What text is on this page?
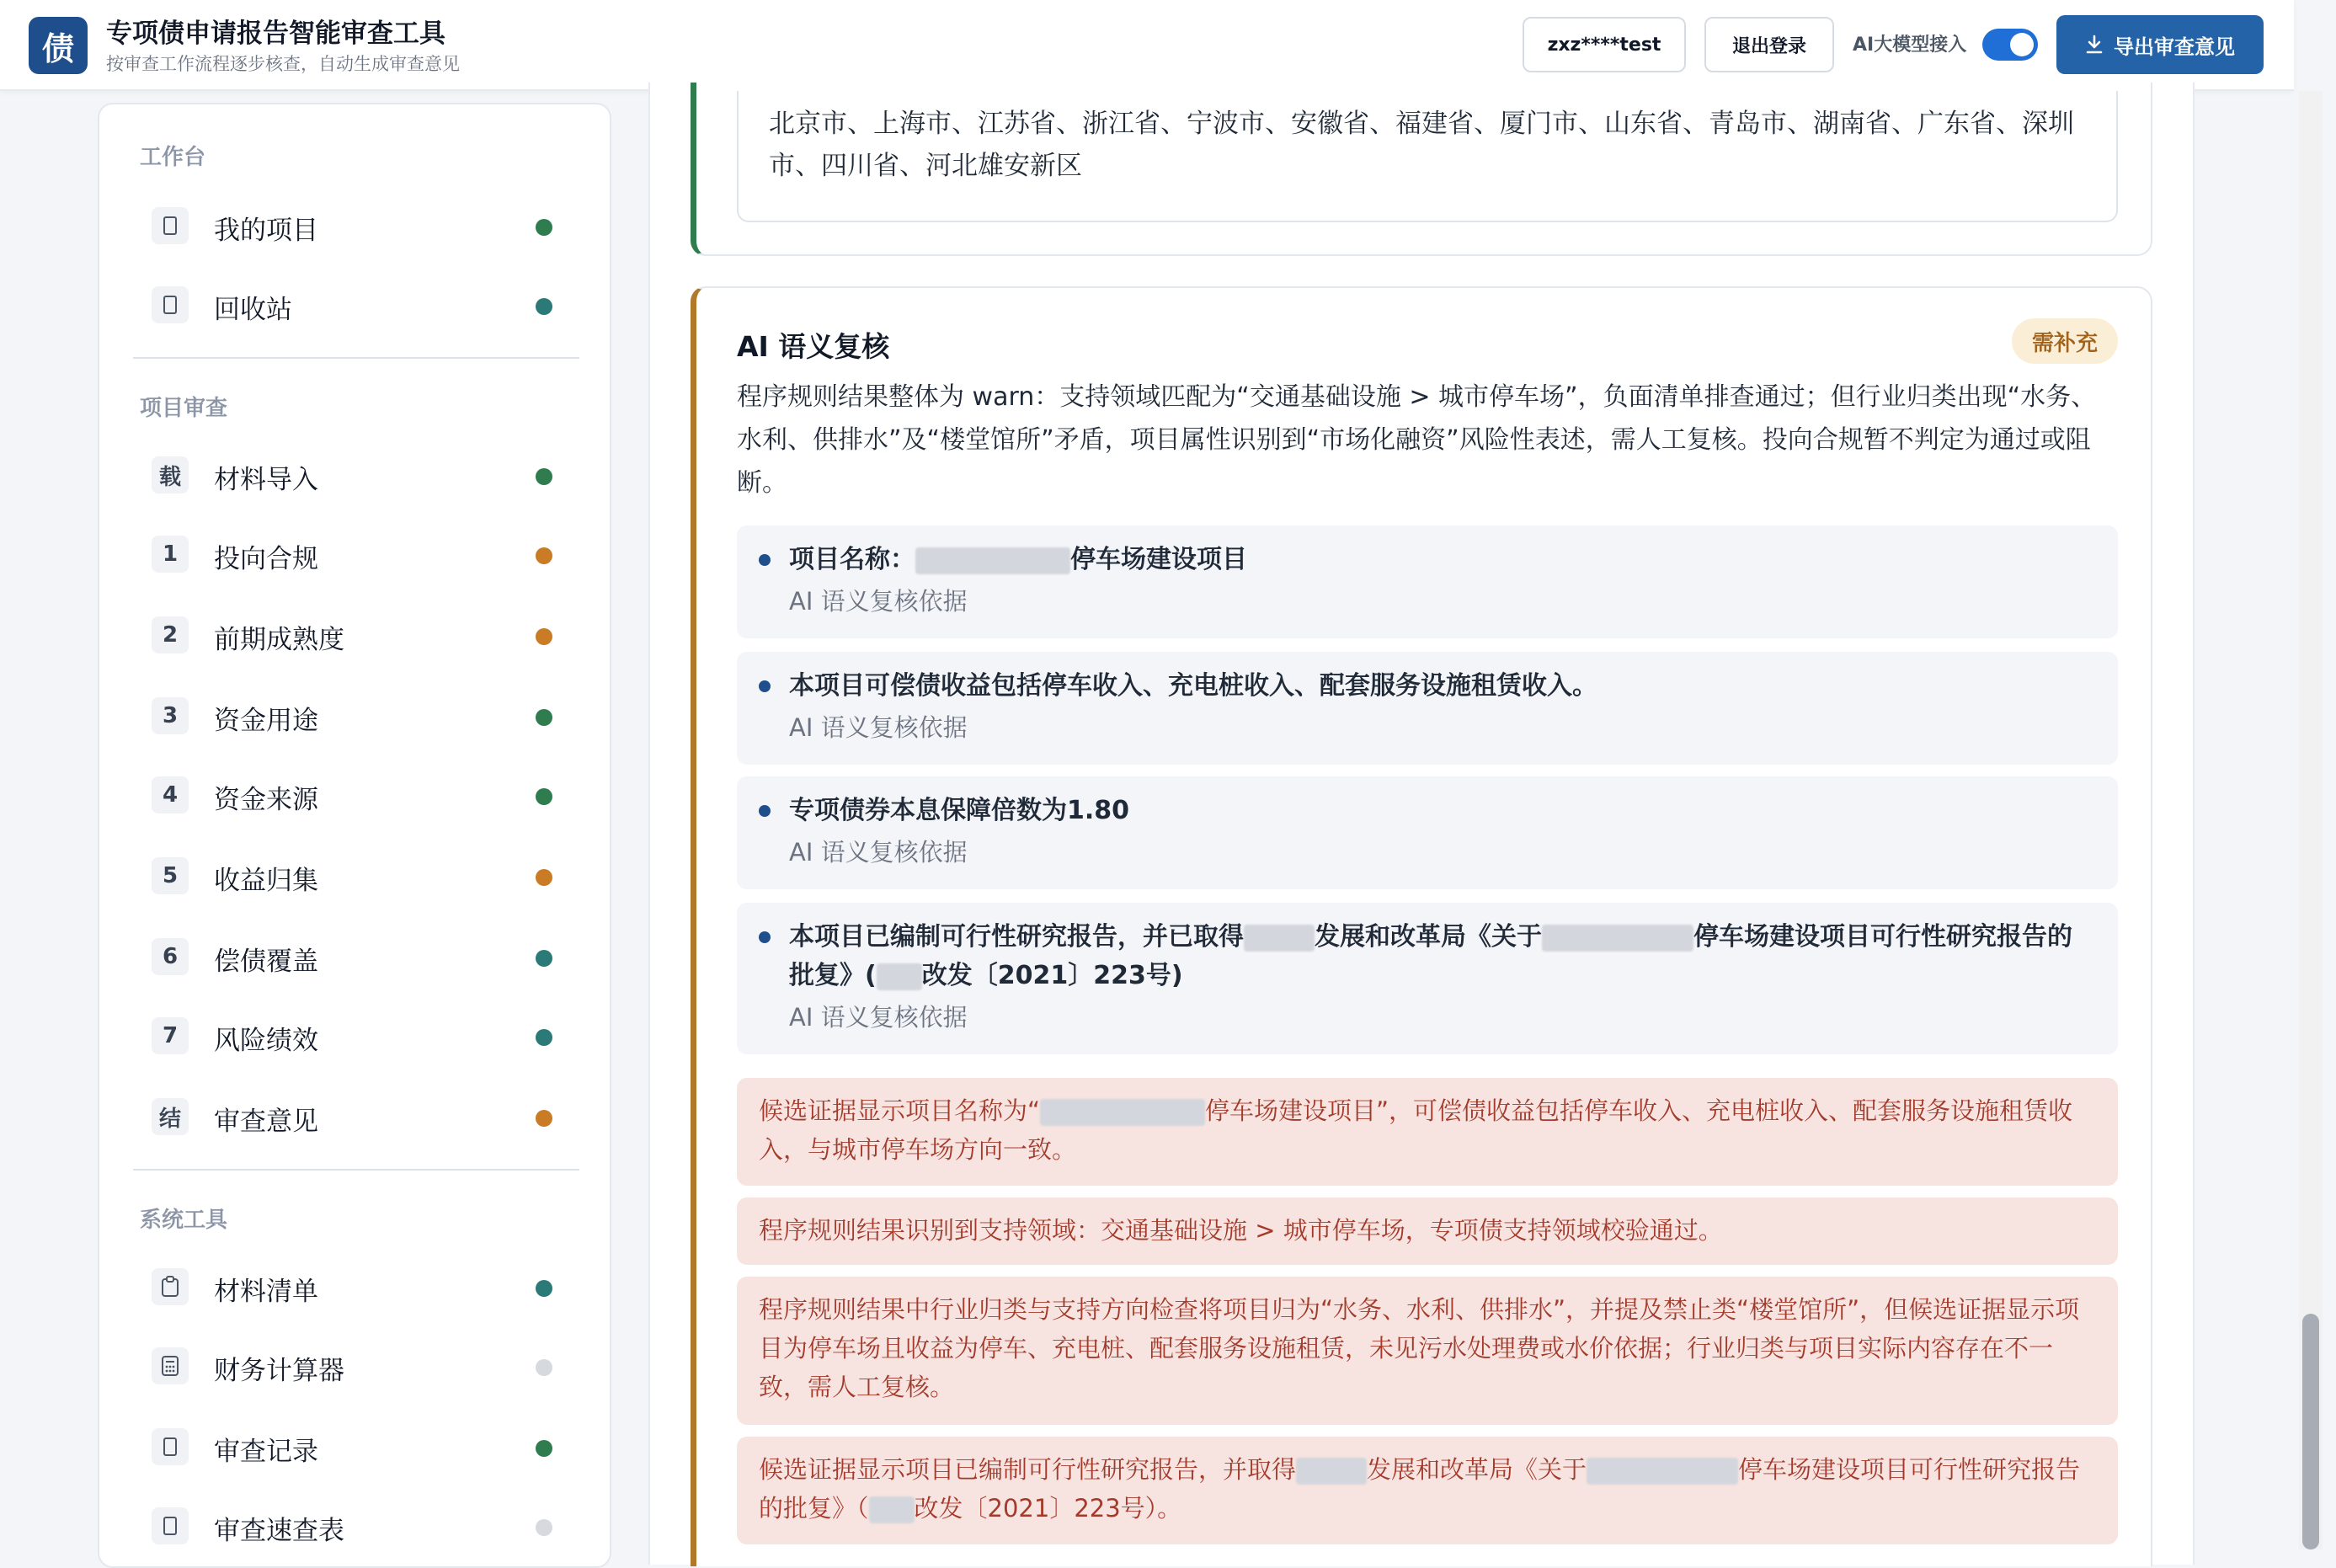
债	专项债申请报告智能审查工具
按审查工作流程逐步核查，自动生成审查意见
zxz****test	退出登录	AI大模型接入	导出审查意见
工作台
我的项目
回收站
项目审查
载 材料导入
1	投向合规
2	前期成熟度
3	资金用途
4	资金来源
5	收益归集
6	偿债覆盖
7	风险绩效
结 审查意见
系统工具
材料清单
财务计算器
审查记录
审查速查表
北京市、上海市、江苏省、浙江省、宁波市、安徽省、福建省、厦门市、山东省、青岛市、湖南省、广东省、深圳市、四川省、河北雄安新区
AI 语义复核	需补充
程序规则结果整体为 warn：支持领域匹配为“交通基础设施 > 城市停车场”，负面清单排查通过；但行业归类出现“水务、水利、供排水”及“楼堂馆所”矛盾，项目属性识别到“市场化融资”风险性表述，需人工复核。投向合规暂不判定为通过或阻断。
项目名称：	停车场建设项目
AI 语义复核依据
本项目可偿债收益包括停车收入、充电桩收入、配套服务设施租赁收入。
AI 语义复核依据
专项债券本息保障倍数为1.80
AI 语义复核依据
本项目已编制可行性研究报告，并已取得	发展和改革局《关于	停车场建设项目可行性研究报告的批复》( 改发〔2021〕223号)
AI 语义复核依据
候选证据显示项目名称为“	停车场建设项目”，可偿债收益包括停车收入、充电桩收入、配套服务设施租赁收入，与城市停车场方向一致。
程序规则结果识别到支持领域：交通基础设施 > 城市停车场，专项债支持领域校验通过。
程序规则结果中行业归类与支持方向检查将项目归为“水务、水利、供排水”，并提及禁止类“楼堂馆所”，但候选证据显示项目为停车场且收益为停车、充电桩、配套服务设施租赁，未见污水处理费或水价依据；行业归类与项目实际内容存在不一致，需人工复核。
候选证据显示项目已编制可行性研究报告，并取得	发展和改革局《关于	停车场建设项目可行性研究报告的批复》（ 改发〔2021〕223号）。
